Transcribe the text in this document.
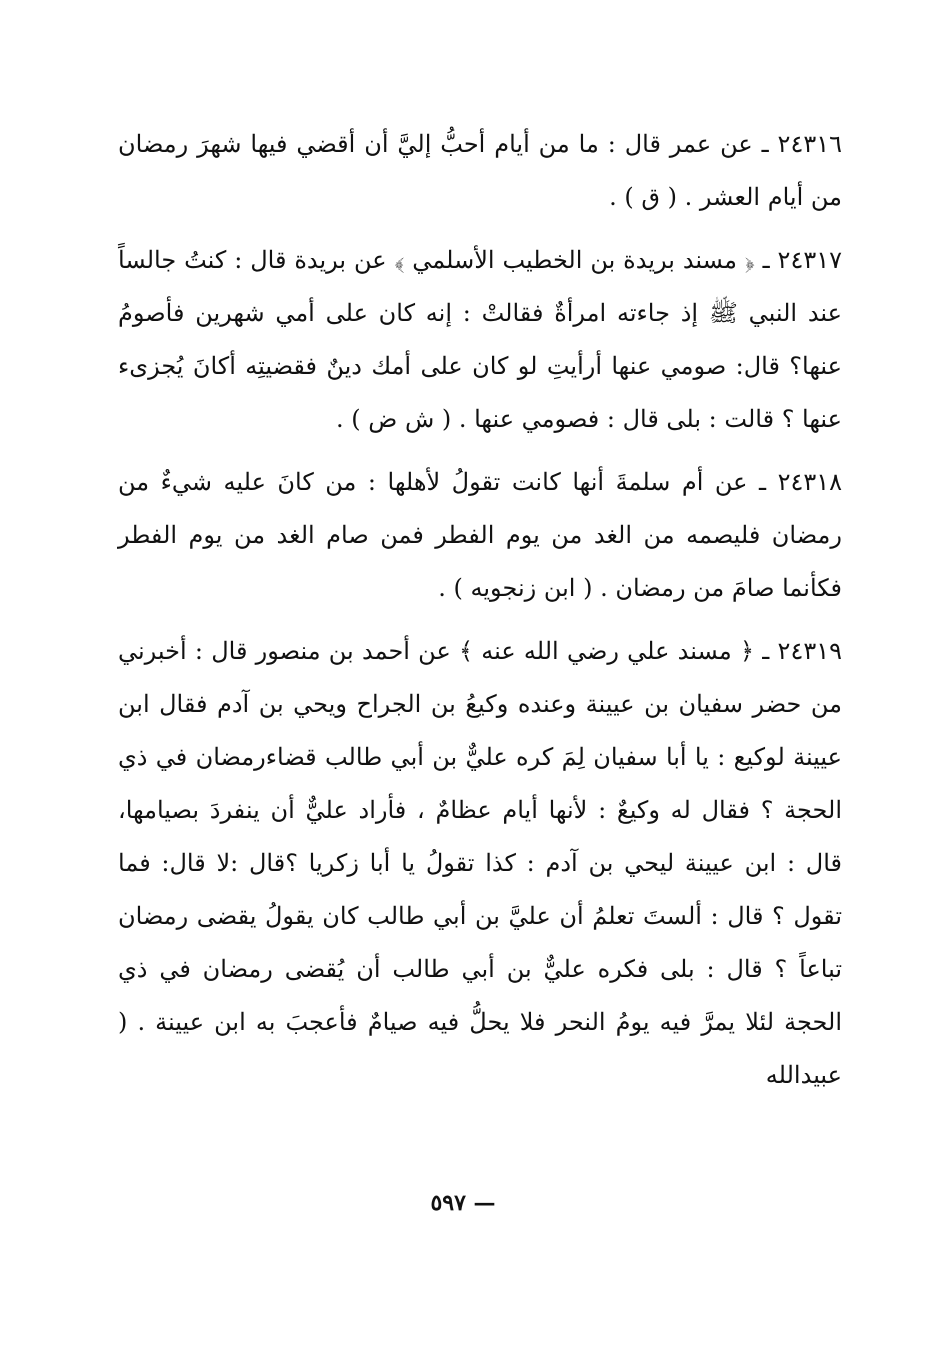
٢٤٣١٦ ـ عن عمر قال : ما من أيام أحبُّ إليَّ أن أقضي فيها شهرَ رمضان من أيام العشر . ( ق ) .

٢٤٣١٧ ـ ﴿ مسند بريدة بن الخطيب الأسلمي ﴾ عن بريدة قال : كنتُ جالساً عند النبي ﷺ إذ جاءته امرأةٌ فقالتْ : إنه كان على أمي شهرين فأصومُ عنها؟ قال: صومي عنها أرأيتِ لو كان على أمك دينٌ فقضيتِه أكانَ يُجزىء عنها ؟ قالت : بلى قال : فصومي عنها . ( ش ض ) .

٢٤٣١٨ ـ عن أم سلمةَ أنها كانت تقولُ لأهلها : من كانَ عليه شيءٌ من رمضان فليصمه من الغد من يوم الفطر فمن صام الغد من يوم الفطر فكأنما صامَ من رمضان . ( ابن زنجويه ) .

٢٤٣١٩ ـ ﴿ مسند علي رضي الله عنه ﴾ عن أحمد بن منصور قال : أخبرني من حضر سفيان بن عيينة وعنده وكيعُ بن الجراح ويحي بن آدم فقال ابن عيينة لوكيع : يا أبا سفيان لِمَ كره عليٌّ بن أبي طالب قضاءرمضان في ذي الحجة ؟ فقال له وكيعٌ : لأنها أيام عظامٌ ، فأراد عليٌّ أن ينفردَ بصيامها، قال : ابن عيينة ليحي بن آدم : كذا تقولُ يا أبا زكريا ؟قال :لا قال: فما تقول ؟ قال : ألستَ تعلمُ أن عليَّ بن أبي طالب كان يقولُ يقضى رمضان تباعاً ؟ قال : بلى فكره عليٌّ بن أبي طالب أن يُقضى رمضان في ذي الحجة لئلا يمرَّ فيه يومُ النحر فلا يحلُّ فيه صيامٌ فأعجبَ به ابن عيينة . ( عبيدالله

— ٥٩٧
